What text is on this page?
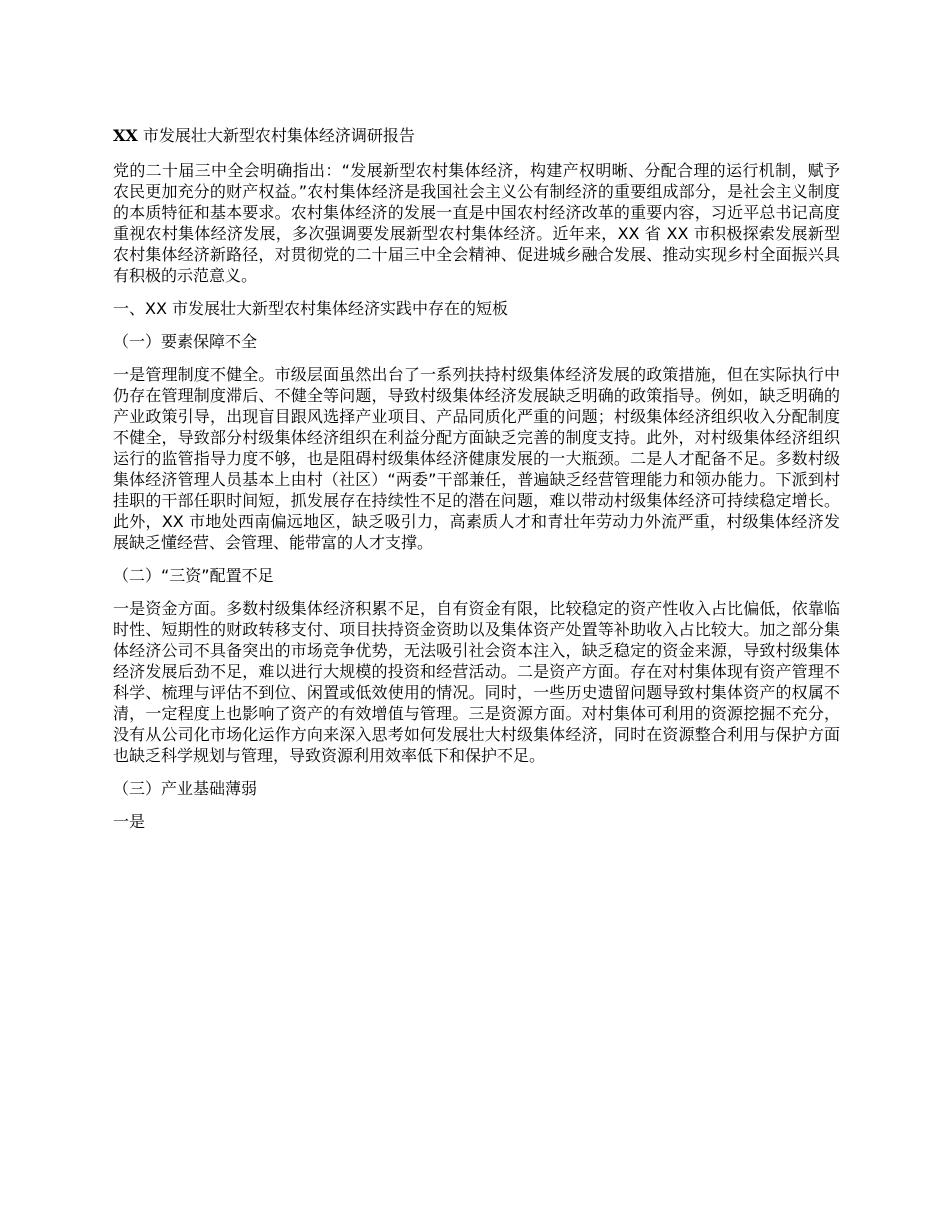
XX 市发展壮大新型农村集体经济调研报告

党的二十届三中全会明确指出：“发展新型农村集体经济，构建产权明晰、分配合理的运行机制，赋予农民更加充分的财产权益。”农村集体经济是我国社会主义公有制经济的重要组成部分，是社会主义制度的本质特征和基本要求。农村集体经济的发展一直是中国农村经济改革的重要内容，习近平总书记高度重视农村集体经济发展，多次强调要发展新型农村集体经济。近年来，XX 省 XX 市积极探索发展新型农村集体经济新路径，对贯彻党的二十届三中全会精神、促进城乡融合发展、推动实现乡村全面振兴具有积极的示范意义。

一、XX 市发展壮大新型农村集体经济实践中存在的短板
（一）要素保障不全

一是管理制度不健全。市级层面虽然出台了一系列扶持村级集体经济发展的政策措施，但在实际执行中仍存在管理制度滞后、不健全等问题，导致村级集体经济发展缺乏明确的政策指导。例如，缺乏明确的产业政策引导，出现盲目跟风选择产业项目、产品同质化严重的问题；村级集体经济组织收入分配制度不健全，导致部分村级集体经济组织在利益分配方面缺乏完善的制度支持。此外，对村级集体经济组织运行的监管指导力度不够，也是阻碍村级集体经济健康发展的一大瓶颈。二是人才配备不足。多数村级集体经济管理人员基本上由村（社区）“两委”干部兼任，普遍缺乏经营管理能力和领办能力。下派到村挂职的干部任职时间短，抓发展存在持续性不足的潜在问题，难以带动村级集体经济可持续稳定增长。此外，XX 市地处西南偏远地区，缺乏吸引力，高素质人才和青壮年劳动力外流严重，村级集体经济发展缺乏懂经营、会管理、能带富的人才支撑。

（二）“三资”配置不足

一是资金方面。多数村级集体经济积累不足，自有资金有限，比较稳定的资产性收入占比偏低，依靠临时性、短期性的财政转移支付、项目扶持资金资助以及集体资产处置等补助收入占比较大。加之部分集体经济公司不具备突出的市场竞争优势，无法吸引社会资本注入，缺乏稳定的资金来源，导致村级集体经济发展后劲不足，难以进行大规模的投资和经营活动。二是资产方面。存在对村集体现有资产管理不科学、梳理与评估不到位、闲置或低效使用的情况。同时，一些历史遗留问题导致村集体资产的权属不清，一定程度上也影响了资产的有效增值与管理。三是资源方面。对村集体可利用的资源挖掘不充分，没有从公司化市场化运作方向来深入思考如何发展壮大村级集体经济，同时在资源整合利用与保护方面也缺乏科学规划与管理，导致资源利用效率低下和保护不足。

（三）产业基础薄弱

一是
